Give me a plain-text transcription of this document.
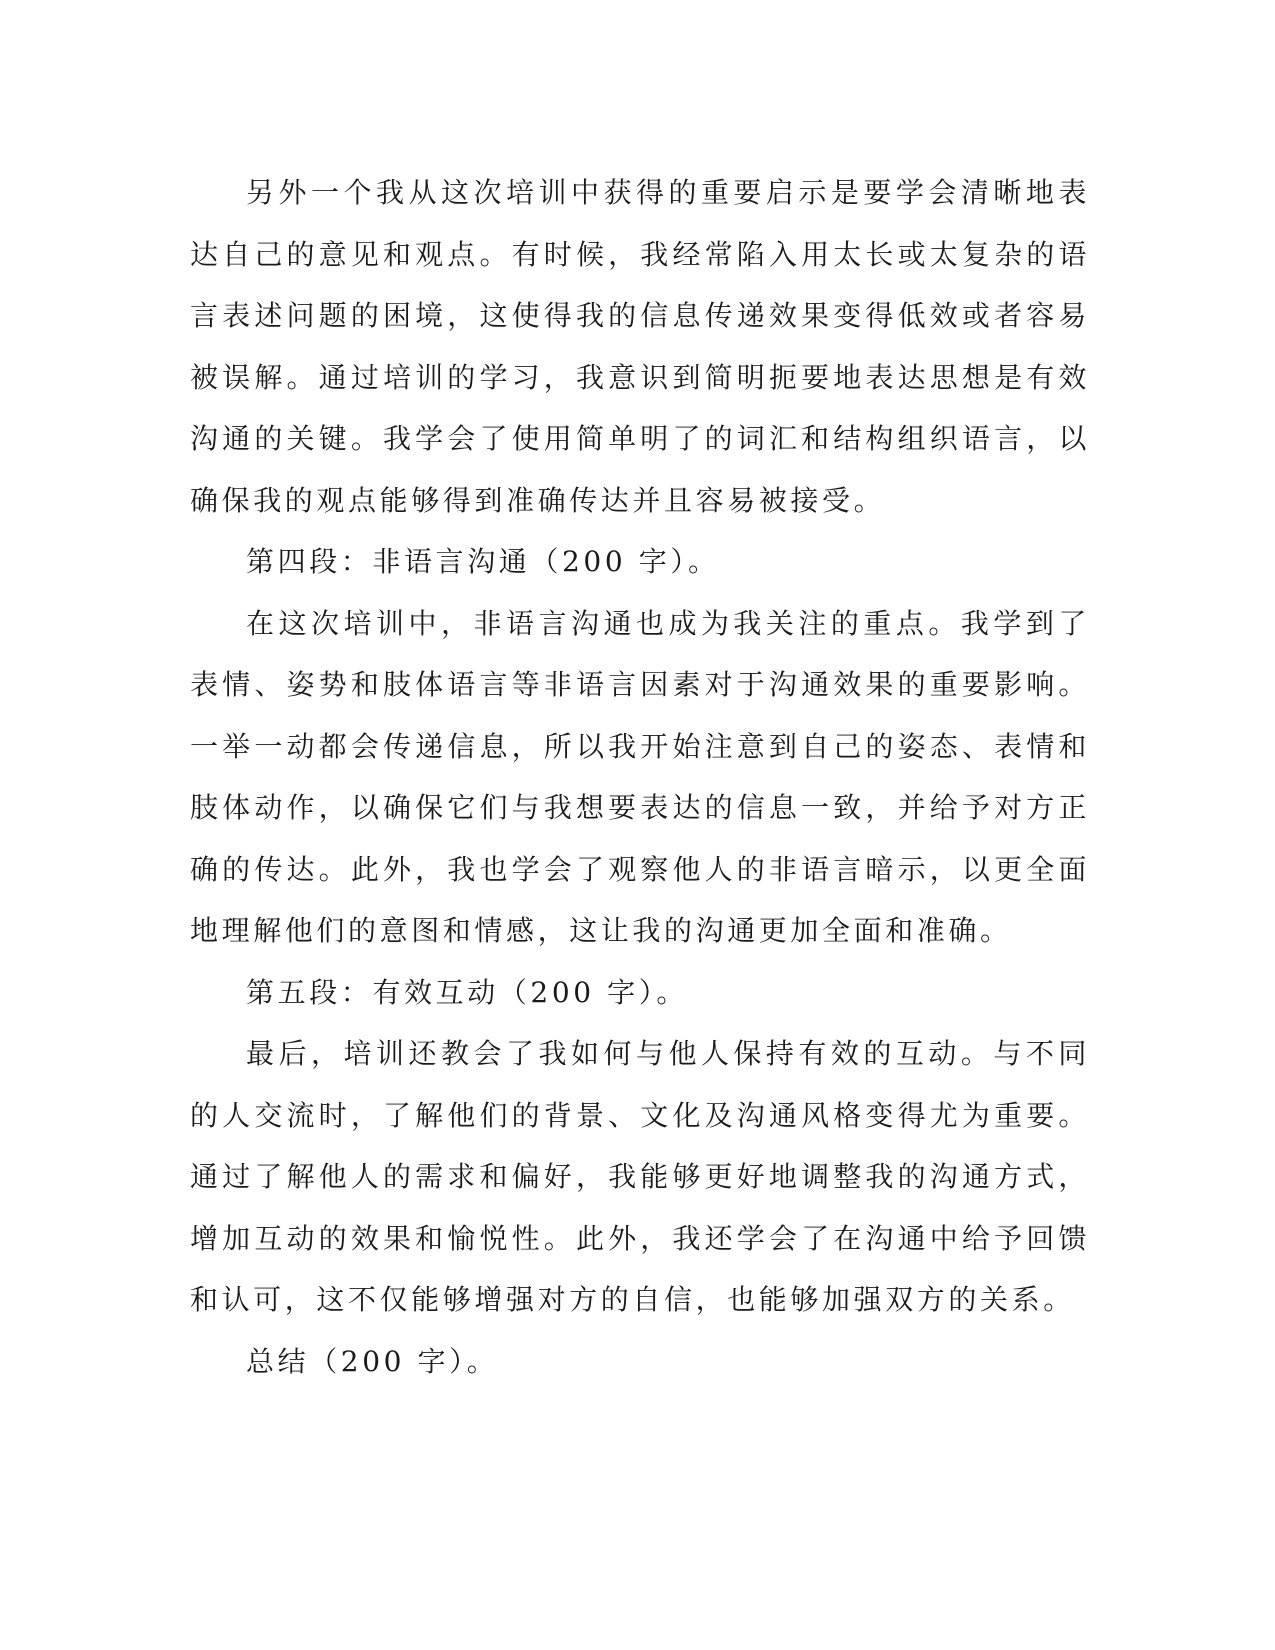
另外一个我从这次培训中获得的重要启示是要学会清晰地表达自己的意见和观点。有时候，我经常陷入用太长或太复杂的语言表述问题的困境，这使得我的信息传递效果变得低效或者容易被误解。通过培训的学习，我意识到简明扼要地表达思想是有效沟通的关键。我学会了使用简单明了的词汇和结构组织语言，以确保我的观点能够得到准确传达并且容易被接受。

第四段：非语言沟通（200 字）。

在这次培训中，非语言沟通也成为我关注的重点。我学到了表情、姿势和肢体语言等非语言因素对于沟通效果的重要影响。一举一动都会传递信息，所以我开始注意到自己的姿态、表情和肢体动作，以确保它们与我想要表达的信息一致，并给予对方正确的传达。此外，我也学会了观察他人的非语言暗示，以更全面地理解他们的意图和情感，这让我的沟通更加全面和准确。

第五段：有效互动（200 字）。

最后，培训还教会了我如何与他人保持有效的互动。与不同的人交流时，了解他们的背景、文化及沟通风格变得尤为重要。通过了解他人的需求和偏好，我能够更好地调整我的沟通方式，增加互动的效果和愉悦性。此外，我还学会了在沟通中给予回馈和认可，这不仅能够增强对方的自信，也能够加强双方的关系。

总结（200 字）。
